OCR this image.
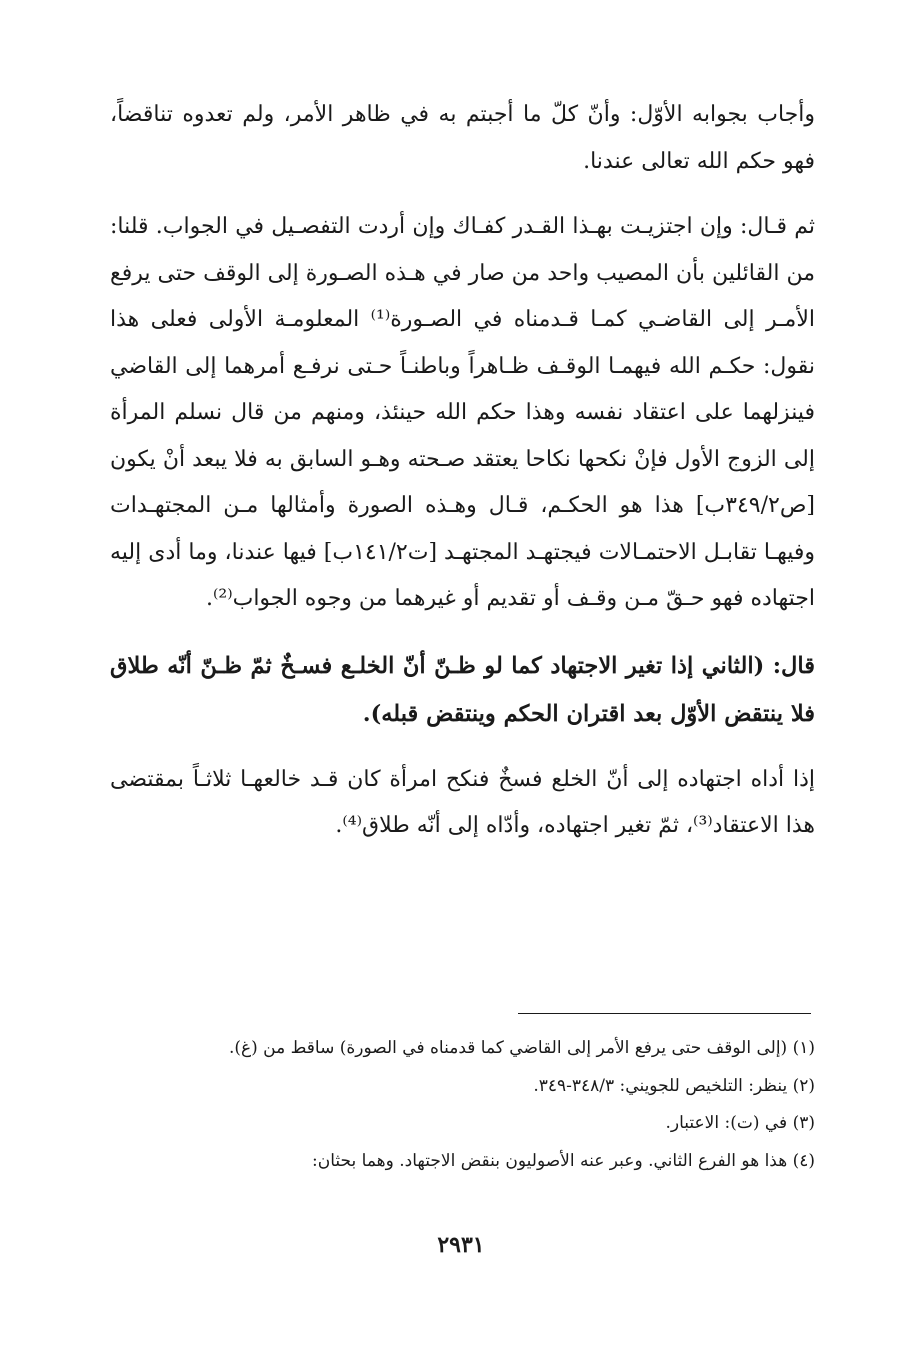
وأجاب بجوابه الأوّل: وأنّ كلّ ما أجبتم به في ظاهر الأمر، ولم تعدوه تناقضاً، فهو حكم الله تعالى عندنا.

ثم قـال: وإن اجتزيـت بهـذا القـدر كفـاك وإن أردت التفصـيل في الجواب. قلنا: من القائلين بأن المصيب واحد من صار في هـذه الصـورة إلى الوقف حتى يرفع الأمـر إلى القاضـي كمـا قـدمناه في الصـورة⁽¹⁾ المعلومـة الأولى فعلى هذا نقول: حكـم الله فيهمـا الوقـف ظـاهراً وباطنـاً حـتى نرفـع أمرهما إلى القاضي فينزلهما على اعتقاد نفسه وهذا حكم الله حينئذ، ومنهم من قال نسلم المرأة إلى الزوج الأول فإنْ نكحها نكاحا يعتقد صـحته وهـو السابق به فلا يبعد أنْ يكون [ص٣٤٩/٢ب] هذا هو الحكـم، قـال وهـذه الصورة وأمثالها مـن المجتهـدات وفيهـا تقابـل الاحتمـالات فيجتهـد المجتهـد [ت١٤١/٢ب] فيها عندنا، وما أدى إليه اجتهاده فهو حـقّ مـن وقـف أو تقديم أو غيرهما من وجوه الجواب⁽²⁾.

قال: (الثاني إذا تغير الاجتهاد كما لو ظـنّ أنّ الخلـع فسـخٌ ثمّ ظـنّ أنّه طلاق فلا ينتقض الأوّل بعد اقتران الحكم وينتقض قبله).

إذا أداه اجتهاده إلى أنّ الخلع فسخٌ فنكح امرأة كان قـد خالعهـا ثلاثـاً بمقتضى هذا الاعتقاد⁽³⁾، ثمّ تغير اجتهاده، وأدّاه إلى أنّه طلاق⁽⁴⁾.

(١) (إلى الوقف حتى يرفع الأمر إلى القاضي كما قدمناه في الصورة) ساقط من (غ).
(٢) ينظر: التلخيص للجويني: ٣٤٨/٣-٣٤٩.
(٣) في (ت): الاعتبار.
(٤) هذا هو الفرع الثاني. وعبر عنه الأصوليون بنقض الاجتهاد. وهما بحثان:
٢٩٣١
